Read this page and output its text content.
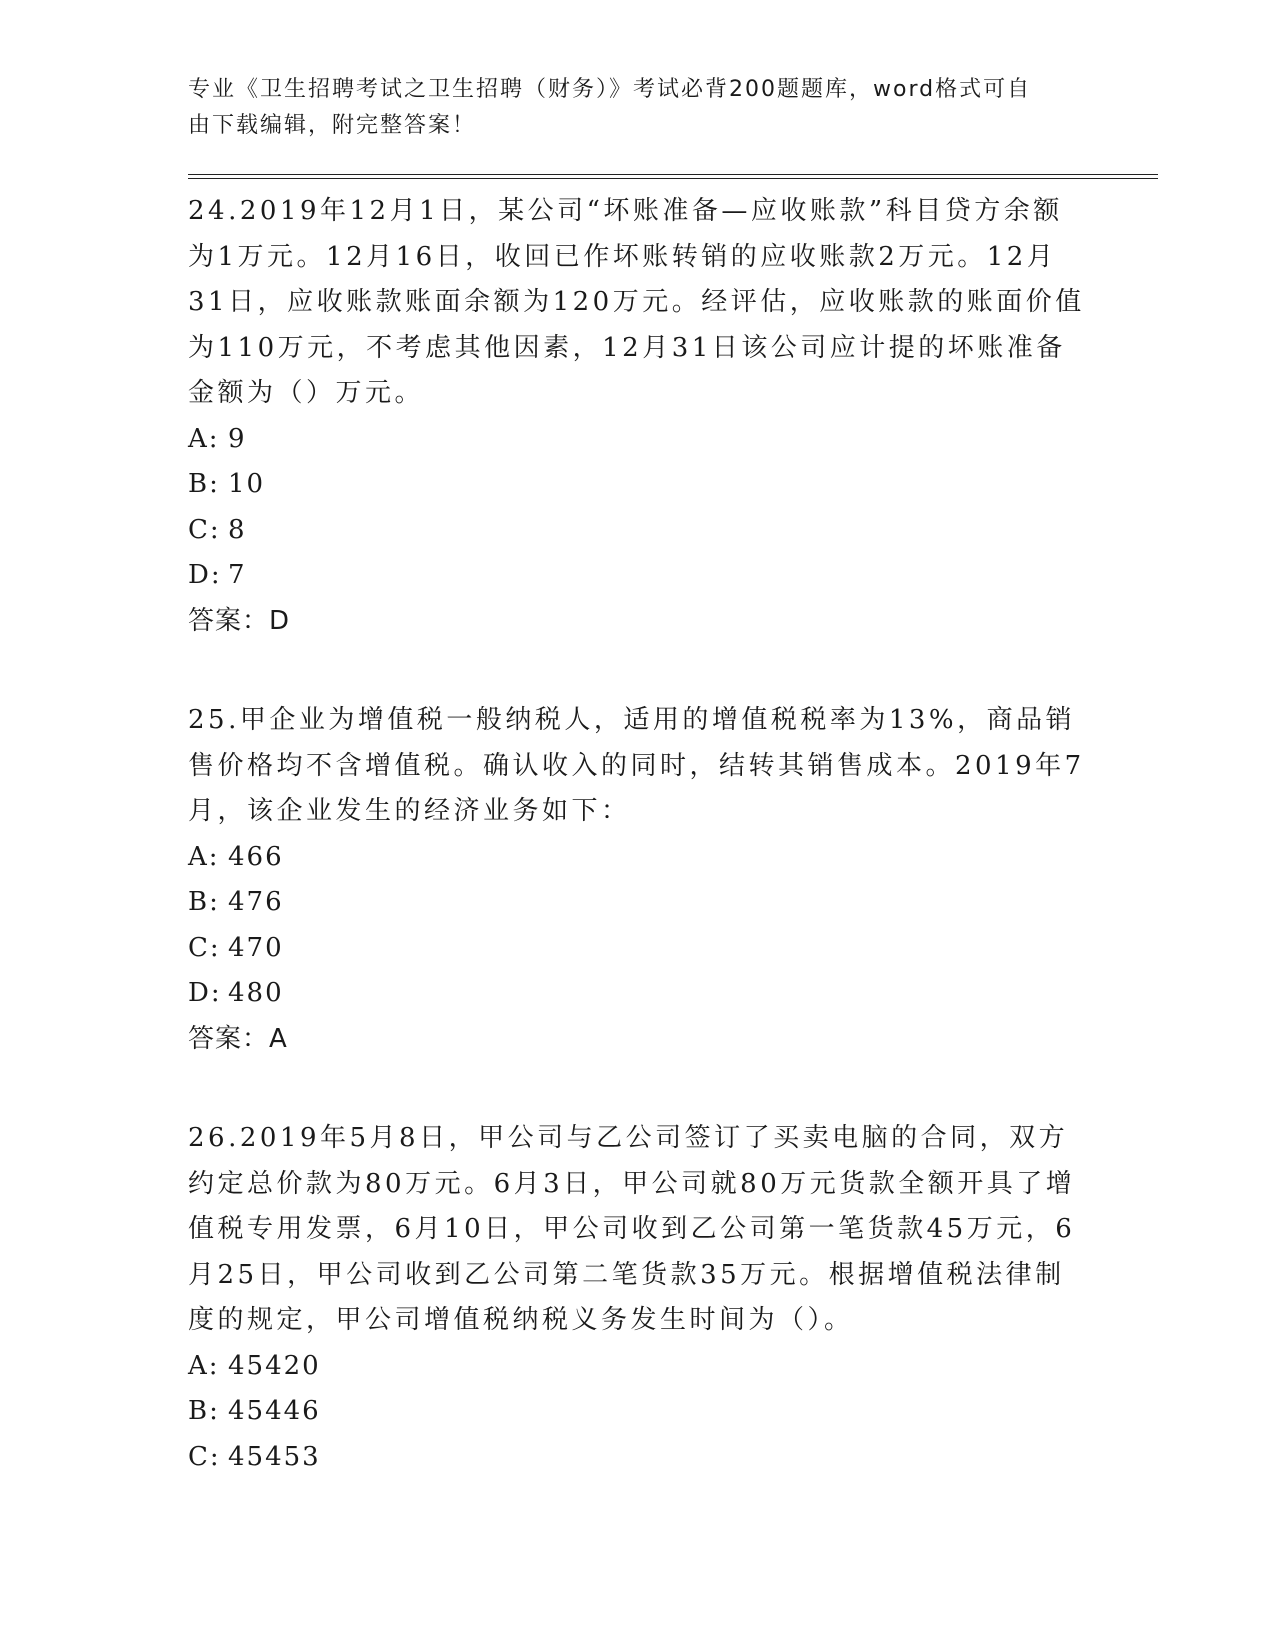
专业《卫生招聘考试之卫生招聘（财务）》考试必背200题题库，word格式可自
由下载编辑，附完整答案！

24.2019年12月1日，某公司“坏账准备—应收账款”科目贷方余额为1万元。12月16日，收回已作坏账转销的应收账款2万元。12月31日，应收账款账面余额为120万元。经评估，应收账款的账面价值为110万元，不考虑其他因素，12月31日该公司应计提的坏账准备金额为（）万元。

A: 9

B: 10

C: 8

D: 7

答案：D

25.甲企业为增值税一般纳税人，适用的增值税税率为13%，商品销售价格均不含增值税。确认收入的同时，结转其销售成本。2019年7月，该企业发生的经济业务如下：

A: 466

B: 476

C: 470

D: 480

答案：A

26.2019年5月8日，甲公司与乙公司签订了买卖电脑的合同，双方约定总价款为80万元。6月3日，甲公司就80万元货款全额开具了增值税专用发票，6月10日，甲公司收到乙公司第一笔货款45万元，6月25日，甲公司收到乙公司第二笔货款35万元。根据增值税法律制度的规定，甲公司增值税纳税义务发生时间为（）。

A: 45420

B: 45446

C: 45453
